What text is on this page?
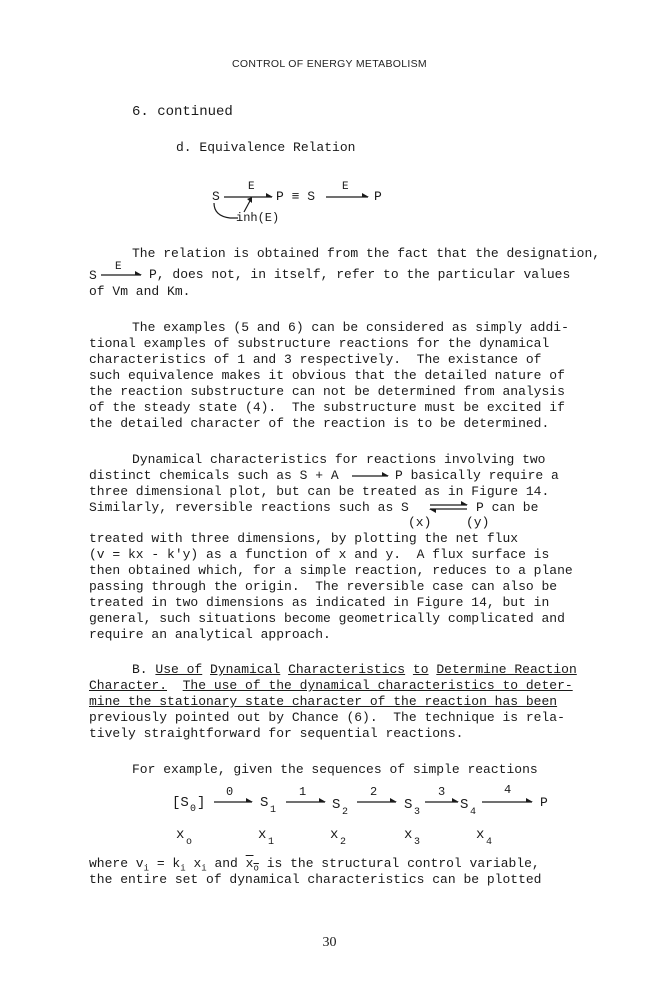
CONTROL OF ENERGY METABOLISM
6. continued
d. Equivalence Relation
S
E
P ≡ S
E
P
inh(E)
The relation is obtained from the fact that the designation,
S
E P, does not, in itself, refer to the particular values
of Vm and Km.
The examples (5 and 6) can be considered as simply addi-
tional examples of substructure reactions for the dynamical
characteristics of 1 and 3 respectively.  The existance of
such equivalence makes it obvious that the detailed nature of
the reaction substructure can not be determined from analysis
of the steady state (4).  The substructure must be excited if
the detailed character of the reaction is to be determined.
Dynamical characteristics for reactions involving two
distinct chemicals such as S + A	P basically require a
three dimensional plot, but can be treated as in Figure 14.
Similarly, reversible reactions such as S ⇌ P can be
(x)	(y)
treated with three dimensions, by plotting the net flux
(v = kx - k'y) as a function of x and y.  A flux surface is
then obtained which, for a simple reaction, reduces to a plane
passing through the origin.  The reversible case can also be
treated in two dimensions as indicated in Figure 14, but in
general, such situations become geometrically complicated and
require an analytical approach.
B. Use of Dynamical Characteristics to Determine Reaction
Character. The use of the dynamical characteristics to deter-
mine the stationary state character of the reaction has been
previously pointed out by Chance (6).  The technique is rela-
tively straightforward for sequential reactions.
For example, given the sequences of simple reactions
[S 0 ]
0
S 1
1
S 2
2
S 3
3
S 4
4
P
x o	x 1	x 2	x 3	x 4
where $v_i = k_i$ $x_i$ and $x_o$ is the structural control variable,
the entire set of dynamical characteristics can be plotted
30
